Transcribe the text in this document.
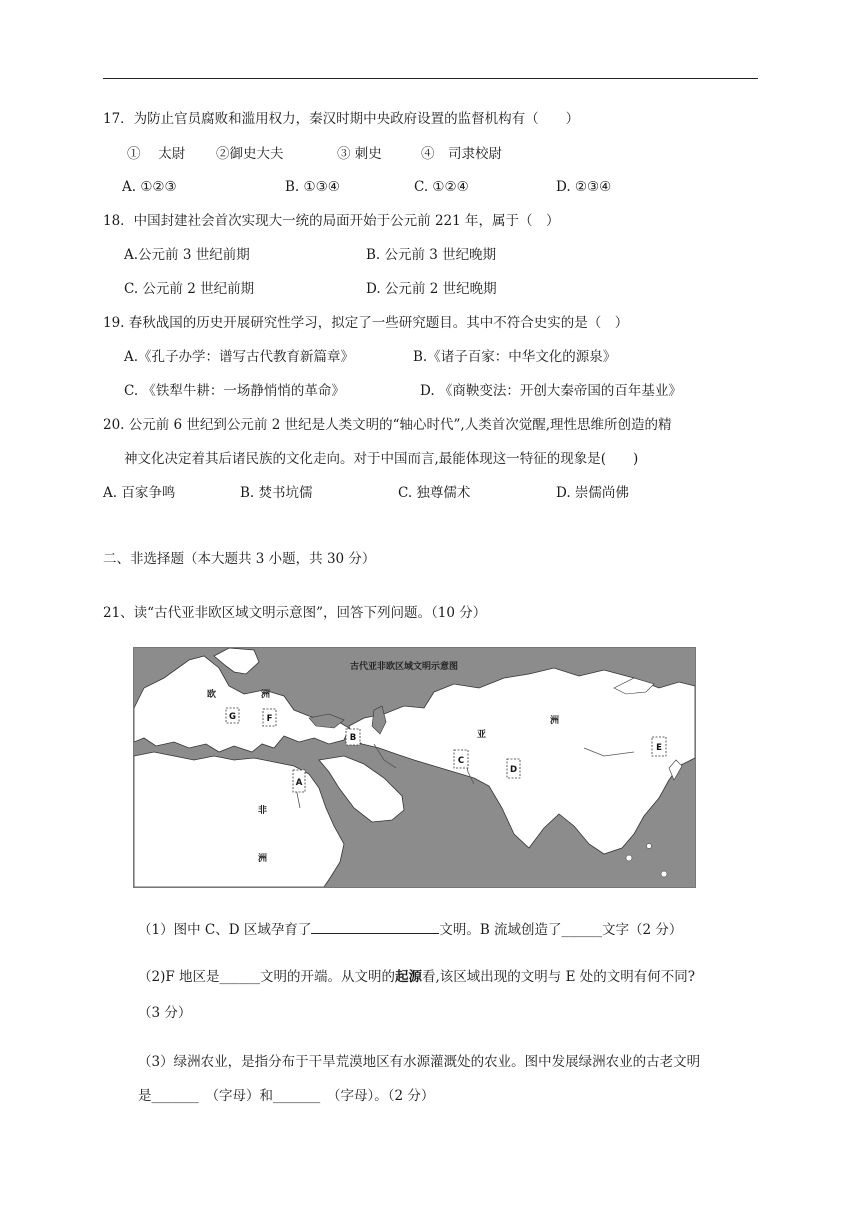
17．为防止官员腐败和滥用权力，秦汉时期中央政府设置的监督机构有（　　）
①　 太尉 ②御史大夫	③ 刺史	④　司隶校尉
A. ①②③	B. ①③④	C. ①②④	D. ②③④
18．中国封建社会首次实现大一统的局面开始于公元前 221 年，属于（　）
A.公元前 3 世纪前期	B. 公元前 3 世纪晚期
C. 公元前 2 世纪前期	D. 公元前 2 世纪晚期
19. 春秋战国的历史开展研究性学习，拟定了一些研究题目。其中不符合史实的是（　）
A.《孔子办学：谱写古代教育新篇章》	B.《诸子百家：中华文化的源泉》
C. 《铁犁牛耕：一场静悄悄的革命》	D. 《商鞅变法：开创大秦帝国的百年基业》
20. 公元前 6 世纪到公元前 2 世纪是人类文明的“轴心时代”,人类首次觉醒,理性思维所创造的精
神文化决定着其后诸民族的文化走向。对于中国而言,最能体现这一特征的现象是(　　)
A. 百家争鸣	B. 焚书坑儒	C. 独尊儒术	D. 崇儒尚佛
二、非选择题（本大题共 3 小题，共 30 分）
21、读“古代亚非欧区域文明示意图”，回答下列问题。（10 分）
古代亚非欧区域文明示意图
欧	洲
亚
洲
非
洲
G	F
B
A
C
D
E
（1）图中 C、D 区域孕育了	文明。B 流域创造了______文字（2 分）
（2)F 地区是______文明的开端。从文明的起源看,该区域出现的文明与 E 处的文明有何不同?
（3 分）
（3）绿洲农业，是指分布于干旱荒漠地区有水源灌溉处的农业。图中发展绿洲农业的古老文明
是_______　（字母）和_______　（字母）。（2 分）
